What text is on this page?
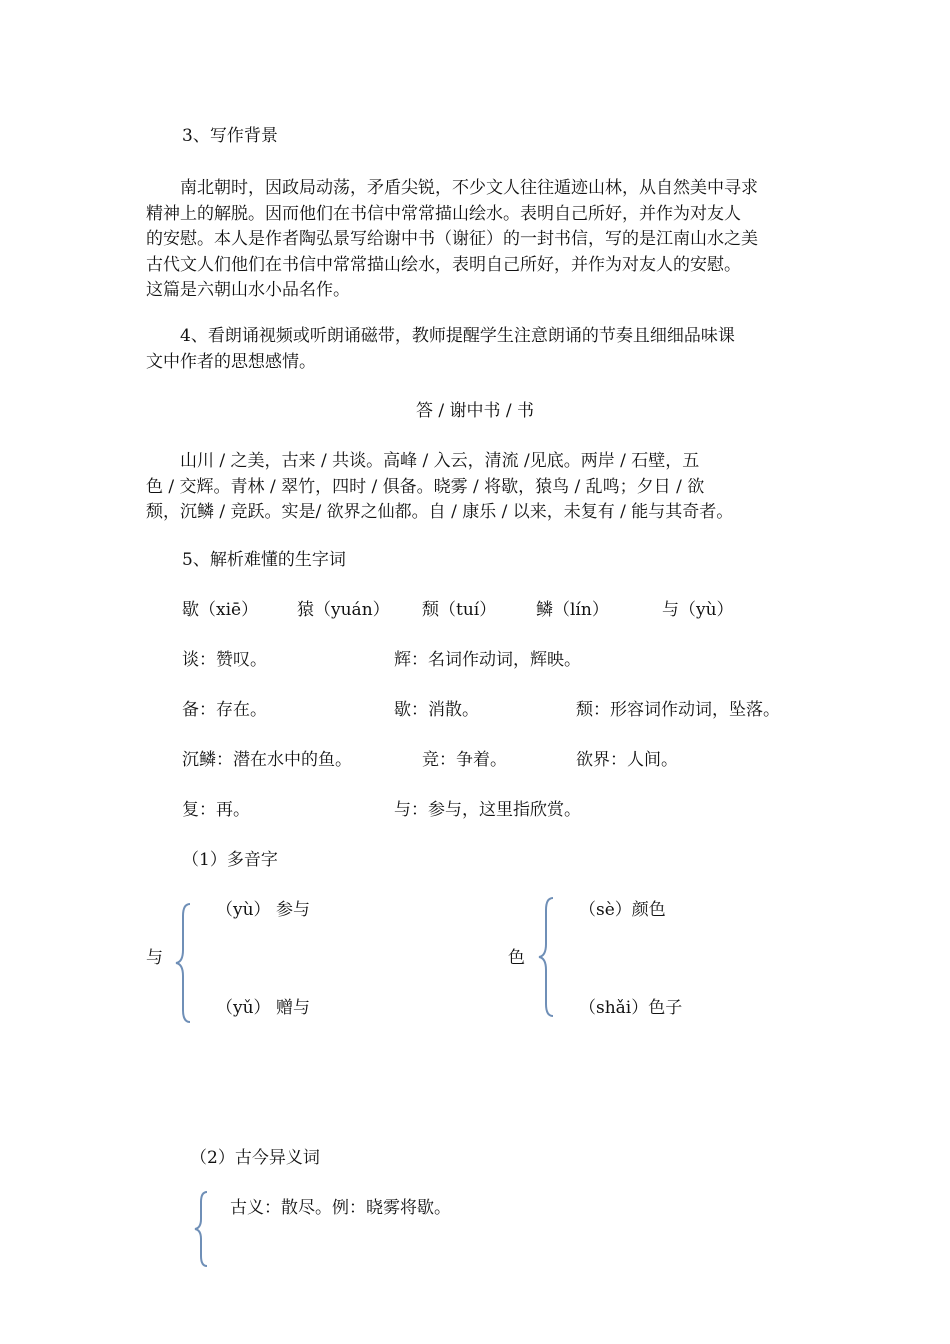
3、写作背景
　　南北朝时，因政局动荡，矛盾尖锐，不少文人往往遁迹山林，从自然美中寻求
精神上的解脱。因而他们在书信中常常描山绘水。表明自己所好，并作为对友人
的安慰。本人是作者陶弘景写给谢中书（谢征）的一封书信，写的是江南山水之美
古代文人们他们在书信中常常描山绘水，表明自己所好，并作为对友人的安慰。
这篇是六朝山水小品名作。
　　4、看朗诵视频或听朗诵磁带，教师提醒学生注意朗诵的节奏且细细品味课
文中作者的思想感情。
答 / 谢中书 / 书
　　山川 / 之美，古来 / 共谈。高峰 / 入云，清流 /见底。两岸 / 石壁，五
色 / 交辉。青林 / 翠竹，四时 / 俱备。晓雾 / 将歇，猿鸟 / 乱鸣；夕日 / 欲
颓，沉鳞 / 竞跃。实是/ 欲界之仙都。自 / 康乐 / 以来，未复有 / 能与其奇者。
5、解析难懂的生字词
歇（xiē） 猿（yuán） 颓（tuí） 鳞（lín）	与（yù）
谈：赞叹。	辉：名词作动词，辉映。
备：存在。	歇：消散。	颓：形容词作动词，坠落。
沉鳞：潜在水中的鱼。	竞：争着。	欲界：人间。
复：再。	与：参与，这里指欣赏。
（1）多音字
与
（yù） 参与
（yǔ） 赠与
色
（sè）颜色
（shǎi）色子
（2）古今异义词
古义：散尽。例：晓雾将歇。
